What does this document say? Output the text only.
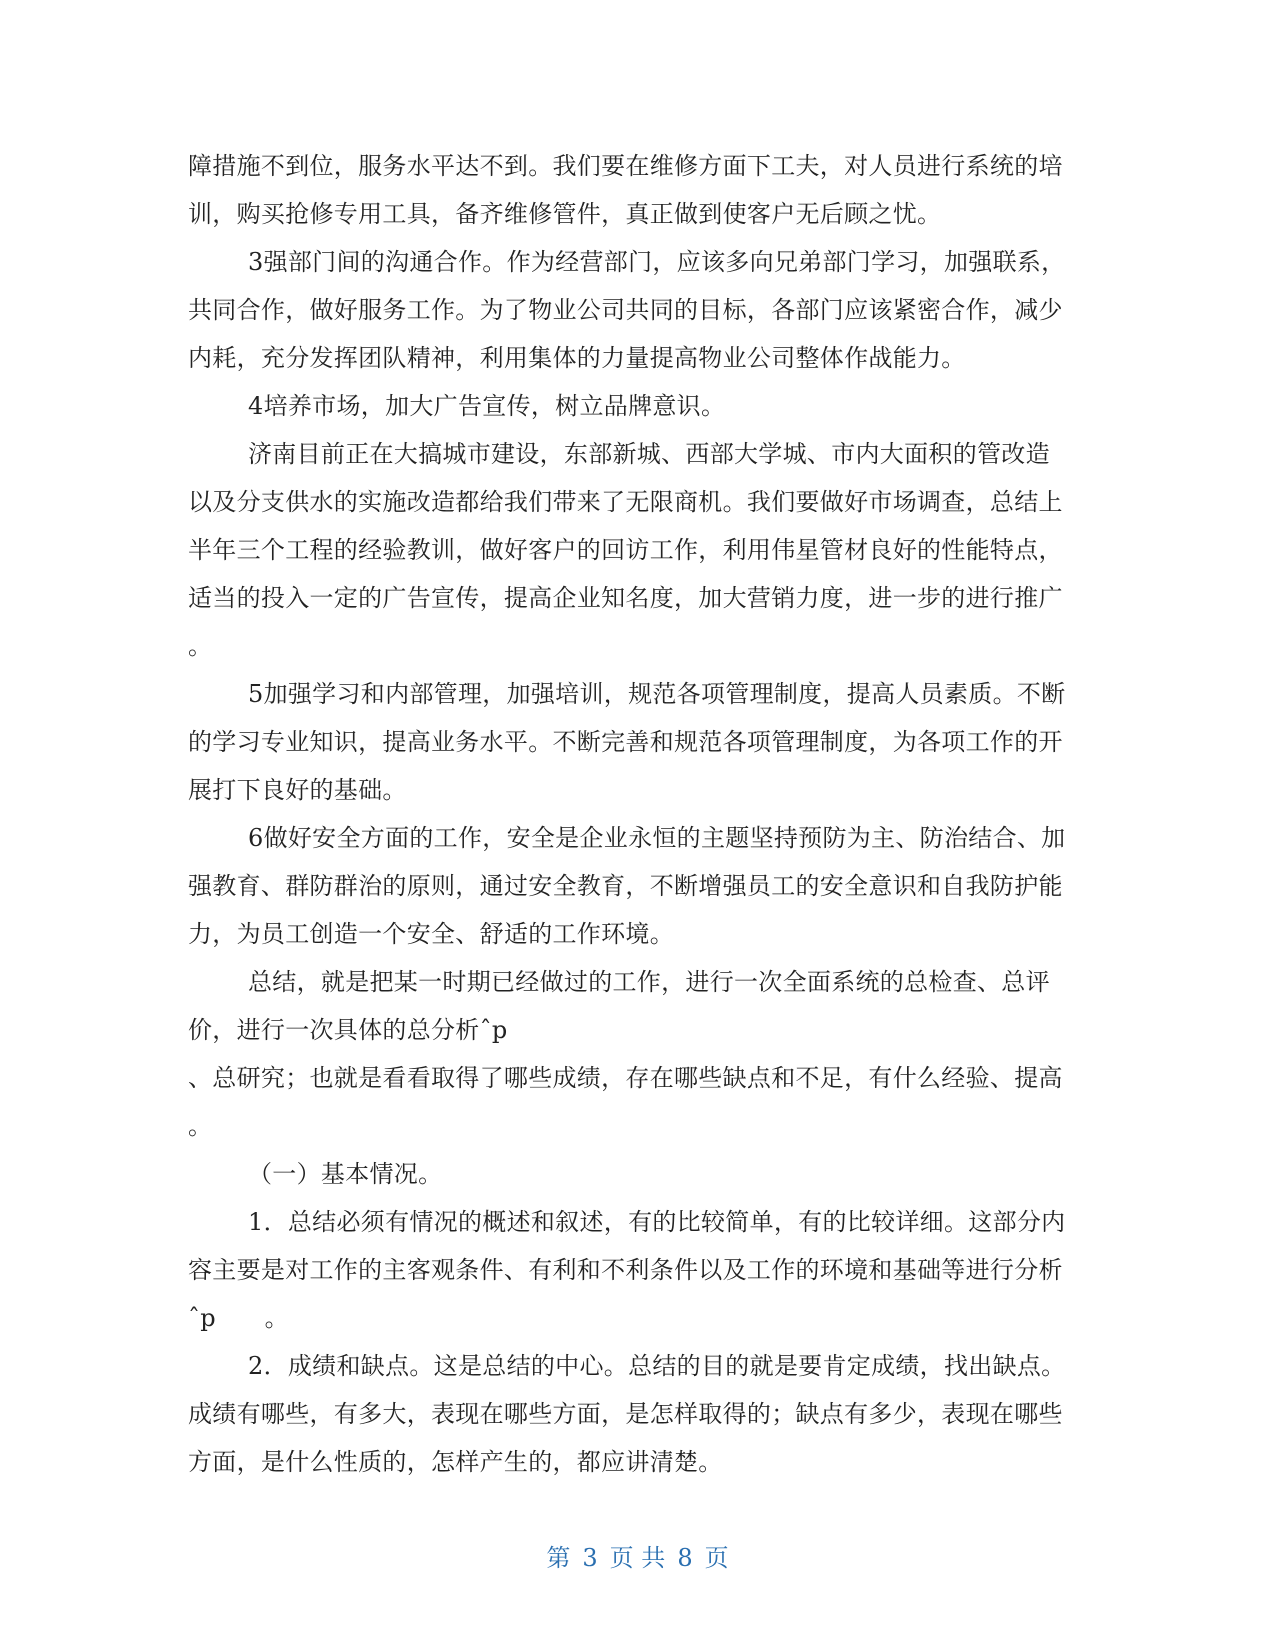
障措施不到位，服务水平达不到。我们要在维修方面下工夫，对人员进行系统的培
训，购买抢修专用工具，备齐维修管件，真正做到使客户无后顾之忧。
3强部门间的沟通合作。作为经营部门，应该多向兄弟部门学习，加强联系，
共同合作，做好服务工作。为了物业公司共同的目标，各部门应该紧密合作，减少
内耗，充分发挥团队精神，利用集体的力量提高物业公司整体作战能力。
4培养市场，加大广告宣传，树立品牌意识。
济南目前正在大搞城市建设，东部新城、西部大学城、市内大面积的管改造
以及分支供水的实施改造都给我们带来了无限商机。我们要做好市场调查，总结上
半年三个工程的经验教训，做好客户的回访工作，利用伟星管材良好的性能特点，
适当的投入一定的广告宣传，提高企业知名度，加大营销力度，进一步的进行推广
。
5加强学习和内部管理，加强培训，规范各项管理制度，提高人员素质。不断
的学习专业知识，提高业务水平。不断完善和规范各项管理制度，为各项工作的开
展打下良好的基础。
6做好安全方面的工作，安全是企业永恒的主题坚持预防为主、防治结合、加
强教育、群防群治的原则，通过安全教育，不断增强员工的安全意识和自我防护能
力，为员工创造一个安全、舒适的工作环境。
总结，就是把某一时期已经做过的工作，进行一次全面系统的总检查、总评
价，进行一次具体的总分析ˆp
、总研究；也就是看看取得了哪些成绩，存在哪些缺点和不足，有什么经验、提高
。
（一）基本情况。
1．总结必须有情况的概述和叙述，有的比较简单，有的比较详细。这部分内
容主要是对工作的主客观条件、有利和不利条件以及工作的环境和基础等进行分析
ˆp　　。
2．成绩和缺点。这是总结的中心。总结的目的就是要肯定成绩，找出缺点。
成绩有哪些，有多大，表现在哪些方面，是怎样取得的；缺点有多少，表现在哪些
方面，是什么性质的，怎样产生的，都应讲清楚。
第 3 页 共 8 页
